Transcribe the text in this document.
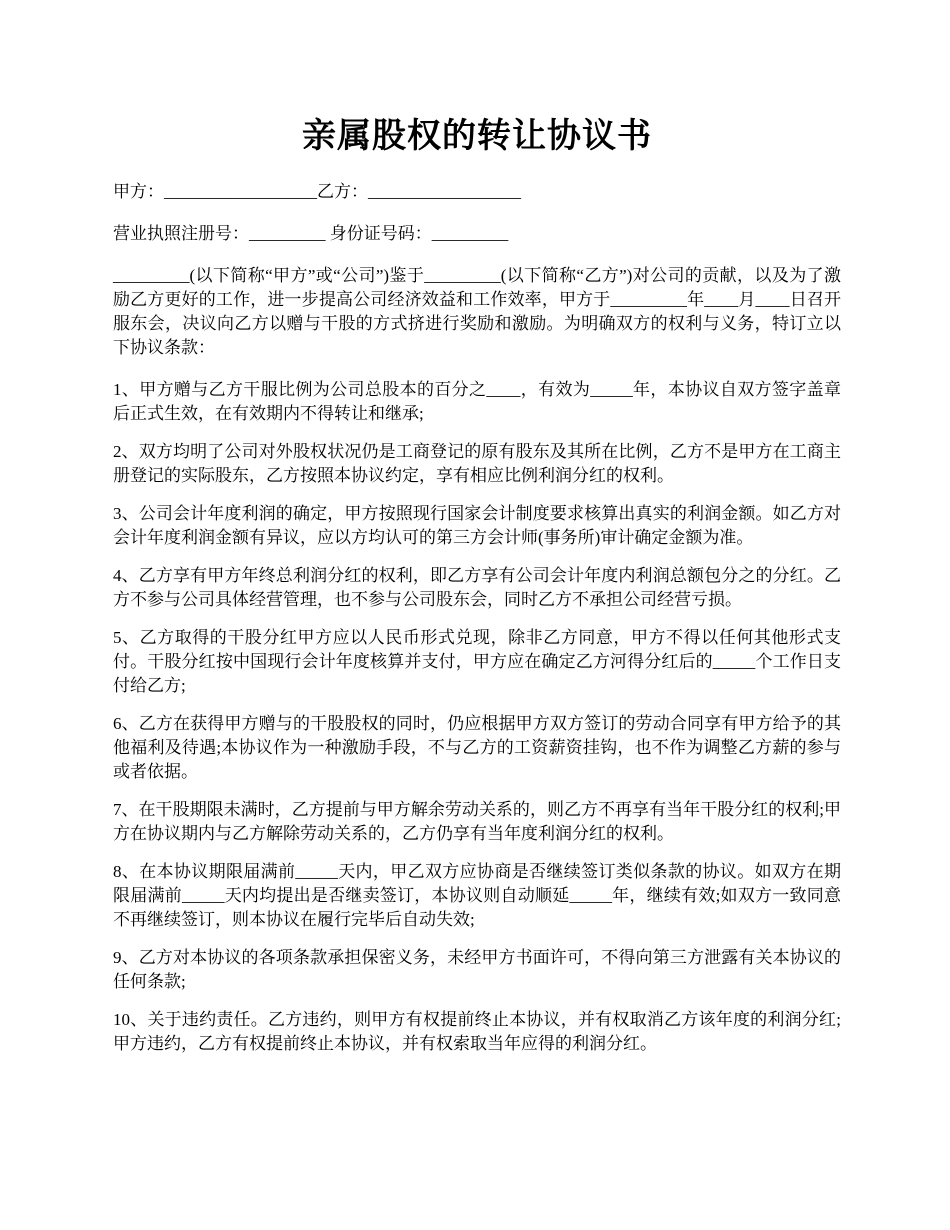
亲属股权的转让协议书

甲方：__________________乙方：__________________

营业执照注册号：_________ 身份证号码：_________

_________(以下简称“甲方”或“公司”)鉴于_________(以下简称“乙方”)对公司的贡献，以及为了激励乙方更好的工作，进一步提高公司经济效益和工作效率，甲方于_________年____月____日召开服东会，决议向乙方以赠与干股的方式挤进行奖励和激励。为明确双方的权利与义务，特订立以下协议条款：

1、甲方赠与乙方干服比例为公司总股本的百分之____，有效为_____年，本协议自双方签字盖章后正式生效，在有效期内不得转让和继承;

2、双方均明了公司对外股权状况仍是工商登记的原有股东及其所在比例，乙方不是甲方在工商主册登记的实际股东，乙方按照本协议约定，享有相应比例利润分红的权利。

3、公司会计年度利润的确定，甲方按照现行国家会计制度要求核算出真实的利润金额。如乙方对会计年度利润金额有异议，应以方均认可的第三方会计师(事务所)审计确定金额为准。

4、乙方享有甲方年终总利润分红的权利，即乙方享有公司会计年度内利润总额包分之的分红。乙方不参与公司具体经营管理，也不参与公司股东会，同时乙方不承担公司经营亏损。

5、乙方取得的干股分红甲方应以人民币形式兑现，除非乙方同意，甲方不得以任何其他形式支付。干股分红按中国现行会计年度核算并支付，甲方应在确定乙方河得分红后的_____个工作日支付给乙方;

6、乙方在获得甲方赠与的干股股权的同时，仍应根据甲方双方签订的劳动合同享有甲方给予的其他福利及待遇;本协议作为一种激励手段，不与乙方的工资薪资挂钩，也不作为调整乙方薪的参与或者依据。

7、在干股期限未满时，乙方提前与甲方解余劳动关系的，则乙方不再享有当年干股分红的权利;甲方在协议期内与乙方解除劳动关系的，乙方仍享有当年度利润分红的权利。

8、在本协议期限届满前_____天内，甲乙双方应协商是否继续签订类似条款的协议。如双方在期限届满前_____天内均提出是否继卖签订，本协议则自动顺延_____年，继续有效;如双方一致同意不再继续签订，则本协议在履行完毕后自动失效;

9、乙方对本协议的各项条款承担保密义务，未经甲方书面许可，不得向第三方泄露有关本协议的任何条款;

10、关于违约责任。乙方违约，则甲方有权提前终止本协议，并有权取消乙方该年度的利润分红;甲方违约，乙方有权提前终止本协议，并有权索取当年应得的利润分红。
